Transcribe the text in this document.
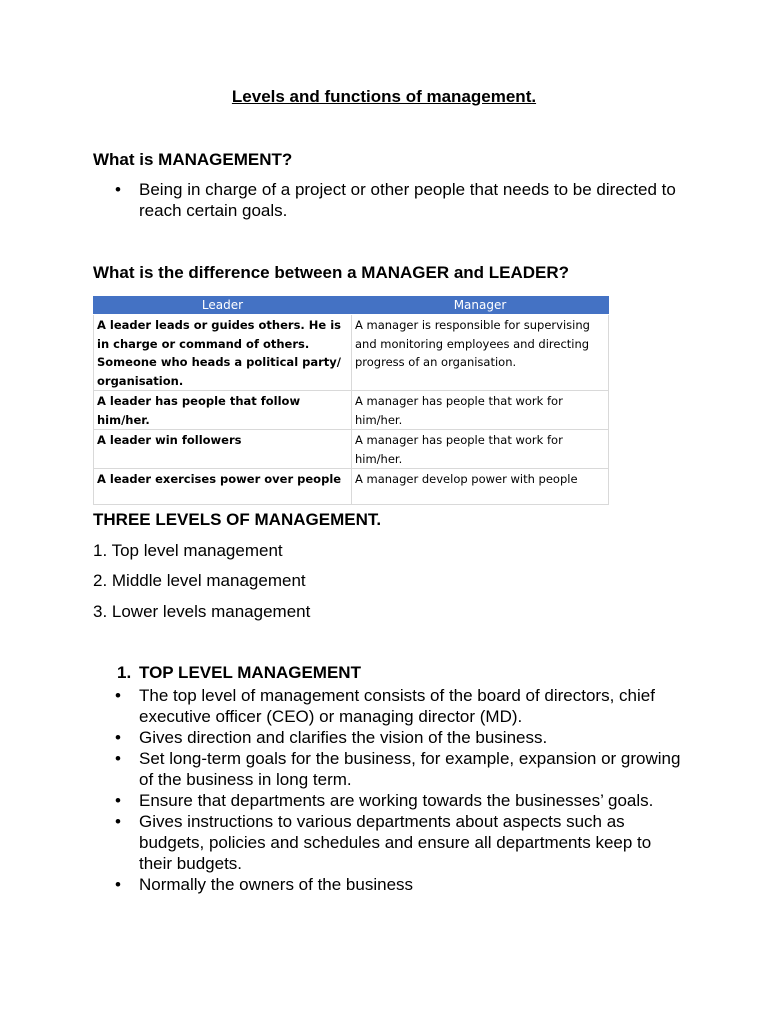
Levels and functions of management.
What is MANAGEMENT?
• Being in charge of a project or other people that needs to be directed to reach certain goals.
What is the difference between a MANAGER and LEADER?
Leader	Manager
A leader leads or guides others. He is in charge or command of others. Someone who heads a political party/ organisation.	A manager is responsible for supervising and monitoring employees and directing progress of an organisation.
A leader has people that follow him/her.	A manager has people that work for him/her.
A leader win followers	A manager has people that work for him/her.
A leader exercises power over people	A manager develop power with people
THREE LEVELS OF MANAGEMENT.
1. Top level management
2. Middle level management
3. Lower levels management
1. TOP LEVEL MANAGEMENT
• The top level of management consists of the board of directors, chief executive officer (CEO) or managing director (MD).
• Gives direction and clarifies the vision of the business.
• Set long-term goals for the business, for example, expansion or growing of the business in long term.
• Ensure that departments are working towards the businesses’ goals.
• Gives instructions to various departments about aspects such as budgets, policies and schedules and ensure all departments keep to their budgets.
• Normally the owners of the business
